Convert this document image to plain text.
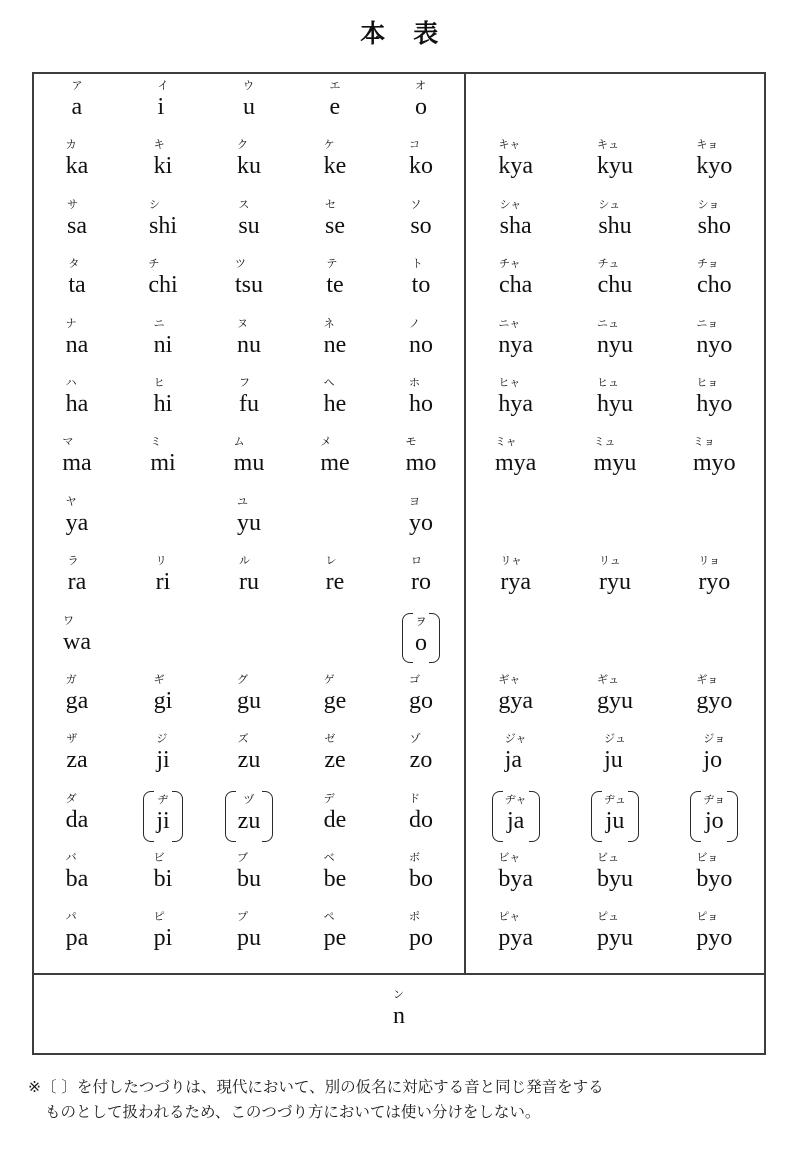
本　表
ア
a
イ
i
ウ
u
エ
e
オ
o
カ
ka
キ
ki
ク
ku
ケ
ke
コ
ko
サ
sa
シ
shi
ス
su
セ
se
ソ
so
タ
ta
チ
chi
ツ
tsu
テ
te
ト
to
ナ
na
ニ
ni
ヌ
nu
ネ
ne
ノ
no
ハ
ha
ヒ
hi
フ
fu
ヘ
he
ホ
ho
マ
ma
ミ
mi
ム
mu
メ
me
モ
mo
ヤ
ya
ユ
yu
ヨ
yo
ラ
ra
リ
ri
ル
ru
レ
re
ロ
ro
ワ
wa
ヲ
o
ガ
ga
ギ
gi
グ
gu
ゲ
ge
ゴ
go
ザ
za
ジ
ji
ズ
zu
ゼ
ze
ゾ
zo
ダ
da
ヂ
ji
ヅ
zu
デ
de
ド
do
バ
ba
ビ
bi
ブ
bu
ベ
be
ボ
bo
パ
pa
ピ
pi
プ
pu
ペ
pe
ポ
po
キャ
kya
キュ
kyu
キョ
kyo
シャ
sha
シュ
shu
ショ
sho
チャ
cha
チュ
chu
チョ
cho
ニャ
nya
ニュ
nyu
ニョ
nyo
ヒャ
hya
ヒュ
hyu
ヒョ
hyo
ミャ
mya
ミュ
myu
ミョ
myo
リャ
rya
リュ
ryu
リョ
ryo
ギャ
gya
ギュ
gyu
ギョ
gyo
ジャ
ja
ジュ
ju
ジョ
jo
ヂャ
ja
ヂュ
ju
ヂョ
jo
ビャ
bya
ビュ
byu
ビョ
byo
ピャ
pya
ピュ
pyu
ピョ
pyo
ン
n
※〔 〕を付したつづりは、現代において、別の仮名に対応する音と同じ発音をする
ものとして扱われるため、このつづり方においては使い分けをしない。
